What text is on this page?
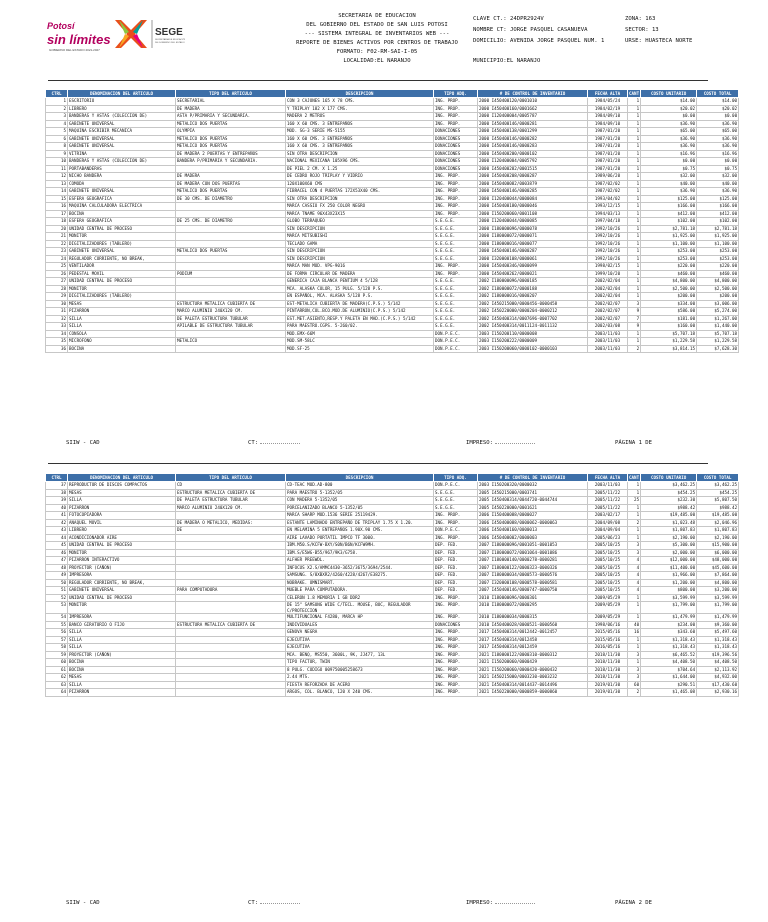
Potosí
sin límites
GOBIERNO DEL ESTADO 2021-2027
SEGE
SECRETARÍA DE EDUCACIÓN
DE GOBIERNO DEL ESTADO
SECRETARIA DE EDUCACION
DEL GOBIERNO DEL ESTADO DE SAN LUIS POTOSI
--- SISTEMA INTEGRAL DE INVENTARIOS WEB ---
REPORTE DE BIENES ACTIVOS POR CENTROS DE TRABAJO
FORMATO: F02-RM-SAI-I-05
LOCALIDAD:EL NARANJO
CLAVE CT.: 24DPR2924V	ZONA: 163
NOMBRE CT: JORGE PASQUEL CASANUEVA	SECTOR: 13
DOMICILIO: AVENIDA JORGE PASQUEL NUM. 1	URSE: HUASTECA NORTE
MUNICIPIO:EL NARANJO
CTRL	DENOMINACION DEL ARTICULO	TIPO DEL ARTICULO	DESCRIPCION	TIPO ADQ.	# DE CONTROL DE INVENTARIO	FECHA ALTA	CANT	COSTO UNITARIO	COSTO TOTAL
1	ESCRITORIO	SECRETARIAL	CON 3 CAJONES 165 X 78 CMS.	ING. PROP.	2000 I450400120/0001010	1984/05/24	1	$14.00	$14.00
2	LIBRERO	DE MADERA	Y TRIPLAY 182 X 177 CMS.	ING. PROP.	2000 I450400160/0001662	1984/02/19	1	$20.02	$20.02
3	BANDERAS Y ASTAS (COLECCION DE)	ASTA P/PRIMARIA Y SECUNDARIA.	MADERA 2 METROS	ING. PROP.	2000 I120400004/0005787	1984/09/10	1	$0.00	$0.00
4	GABINETE UNIVERSAL	METALICO DOS PUERTAS	160 X 60 CMS. 3 ENTREPAÑOS	ING. PROP.	2000 I450400146/0000281	1984/09/10	1	$36.90	$36.90
5	MAQUINA ESCRIBIR MECANICA	OLYMPIA	MOD. SG-3 SERIE MS-5155	DONACIONES	2000 I450400138/0001299	1987/01/20	1	$65.00	$65.00
6	GABINETE UNIVERSAL	METALICO DOS PUERTAS	160 X 60 CMS. 3 ENTREPAÑOS	DONACIONES	2000 I450400146/0000282	1987/01/20	1	$36.90	$36.90
8	GABINETE UNIVERSAL	METALICO DOS PUERTAS	160 X 60 CMS. 3 ENTREPAÑOS	DONACIONES	2000 I450400146/0000283	1987/01/20	1	$36.90	$36.90
9	VITRINA	DE MADERA 2 PUERTAS Y ENTREPAÑOS	SIN OTRA DESCRIPCION	DONACIONES	2000 I450400200/0000102	1987/01/20	1	$16.96	$16.96
10	BANDERAS Y ASTAS (COLECCION DE)	BANDERA P/PRIMARIA Y SECUNDARIA.	NACIONAL MEXICANA 105X96 CMS.	DONACIONES	2000 I120400004/0005792	1987/01/20	1	$0.00	$0.00
11	PORTABANDERAS		DE PIEL 2 CM. X 1.25	DONACIONES	2000 I450400282/0001515	1987/01/20	1	$0.75	$0.75
12	NICHO BANDERA	DE MADERA	DE CEDRO ROJO TRIPLAY Y VIDRIO	ING. PROP.	2000 I450400208/0000287	1989/06/20	1	$32.00	$32.00
13	COMODA	DE MADERA CON DOS PUERTAS	120X100X60 CMS	ING. PROP.	2000 I450400082/0003879	1987/02/02	1	$40.00	$40.00
14	GABINETE UNIVERSAL	METALICO DOS PUERTAS	FIBRACEL CON 4 PUERTAS 172X53X40 CMS.	ING. PROP.	2000 I450400146/0000285	1987/02/02	1	$36.90	$36.90
15	ESFERA GEOGRAFICA	DE 30 CMS. DE DIAMETRO	SIN OTRA DESCRIPCION	ING. PROP.	2000 I120400044/0000084	1993/04/02	1	$125.00	$125.00
16	MAQUINA CALCULADORA ELECTRICA		MARCA CASSIO FX 250 COLOR NEGRO	ING. PROP.	2000 I450400180/0000046	1993/12/15	1	$166.00	$166.00
17	BOCINA		MARCA TNAME 96X43X23X15	ING. PROP.	2000 I150200060/0001108	1994/03/13	1	$412.00	$412.00
18	ESFERA GEOGRAFICA	DE 25 CMS. DE DIAMETRO	GLOBO TERRAQUEO	S.E.G.E.	2000 I120400044/0000085	1997/04/18	1	$102.00	$102.00
20	UNIDAD CENTRAL DE PROCESO		SIN DESCRIPCION	S.E.G.E.	2000 I180000096/0000078	1992/10/26	1	$2,781.18	$2,781.18
21	MONITOR		MARCA MITSUBISHI	S.E.G.E.	2000 I180000072/0000071	1992/10/26	1	$1,925.00	$1,925.00
22	DIGITALIZADORES (TABLERO)		TECLADO GAMA	S.E.G.E.	2000 I180000016/0000077	1992/10/26	1	$1,100.00	$1,100.00
23	GABINETE UNIVERSAL	METALICO DOS PUERTAS	SIN DESCRIPCION	S.E.G.E.	2000 I450400146/0000287	1992/10/26	1	$253.00	$253.00
24	REGULADOR CORRIENTE, NO BREAK,		SIN DESCRIPCION	S.E.G.E.	2000 I320000108/0000061	1992/10/26	1	$253.00	$253.00
25	VENTILADOR		MARCA MAN MOD. VPG-9016	ING. PROP.	2000 I450400346/0000099	1998/02/15	1	$220.00	$220.00
26	PEDESTAL MOVIL	PODIUM	DE FORMA CIRCULAR DE MADERA	ING. PROP.	2000 I450400262/0000021	1999/10/20	1	$460.00	$460.00
27	UNIDAD CENTRAL DE PROCESO		GENERICA CAJA BLANCA PENTIUM 4 5/128	S.E.G.E.	2002 I180000096/0000185	2002/02/04	1	$4,800.00	$4,800.00
28	MONITOR		MCA. ALASKA COLOR, 15 PULG. 5/128 P.S.	S.E.G.E.	2002 I180000072/0000188	2002/02/04	1	$2,500.00	$2,500.00
29	DIGITALIZADORES (TABLERO)		EN ESPAÑOL, MCA. ALASKA 5/128 P.S.	S.E.G.E.	2002 I180000016/0000207	2002/02/04	1	$200.00	$200.00
30	MESAS	ESTRUCTURA METALICA CUBIERTA DE	EST-METALICA CUBIERTA DE MADERA(C.P.S.) 5/142	S.E.G.E.	2002 I450215000/0000456-0000458	2002/02/07	3	$334.00	$3,006.00
31	PIZARRON	MARCO ALUMINIO 240X120 CM.	PINTARRON,COL.BCO.MOD.DE ALUMINIO(C.P.S.) 5/142	S.E.G.E.	2002 I450220000/0000204-0000212	2002/02/07	9	$586.00	$5,274.00
32	SILLA	DE PALETA ESTRUCTURA TUBULAR	EST.MET.ASIENTO,RESP.Y PALETA EN MAD.(C.P.S.) 5/142	S.E.G.E.	2002 I450400314/0007696-0007702	2002/02/07	7	$181.00	$1,267.00
33	SILLA	APILABLE DE ESTRUCTURA TUBULAR	PARA MAESTRO.CGPS. 5-260/02.	S.E.G.E.	2002 I450400314/0011124-0011132	2002/03/08	9	$160.00	$1,440.00
34	CONSOLA		MOD.EMX-66M	DON.P.E.C.	2003 I150200110/0000008	2003/11/03	1	$5,707.18	$5,707.18
35	MICROFONO	METALICO	MOD.SM-58LC	DON.P.E.C.	2003 I150200222/0000009	2003/11/03	1	$1,229.58	$1,229.58
36	BOCINA		MOD.SF-25	DON.P.E.C.	2003 I150200060/0000102-0000103	2003/11/03	2	$3,814.15	$7,628.30
SIIW - CAD	CT:	IMPRESO:	PÁGINA 1 DE
CTRL	DENOMINACION DEL ARTICULO	TIPO DEL ARTICULO	DESCRIPCION	TIPO ADQ.	# DE CONTROL DE INVENTARIO	FECHA ALTA	CANT	COSTO UNITARIO	COSTO TOTAL
37	REPRODUCTOR DE DISCOS COMPACTOS	CD	CD-TEAC MOD.AD-800	DON.P.E.C.	2003 I150200320/0000032	2003/11/03	1	$3,462.25	$3,462.25
38	MESAS	ESTRUCTURA METALICA CUBIERTA DE	PARA MAESTRO 5-1352/05	S.E.G.E.	2005 I450215000/0003741	2005/11/22	1	$454.25	$454.25
39	SILLA	DE PALETA ESTRUCTURA TUBULAR	CON MADERA 5-1352/05	S.E.G.E.	2005 I450400314/0044720-0044744	2005/11/22	25	$232.30	$5,807.50
40	PIZARRON	MARCO ALUMINIO 240X120 CM.	PORCELANIZADO BLANCO 5-1352/05	S.E.G.E.	2005 I450220000/0001621	2005/11/22	1	$988.42	$988.42
41	FOTOCOPIADORA		MARCA SHARP MOD.1536 SERIE 25119429.	ING. PROP.	2006 I150400088/0000027	2003/02/17	1	$19,485.00	$19,485.00
42	ANAQUEL MOVIL	DE MADERA O METALICO, MEDIDAS:	ESTANTE LAMINADO ENTREPAÑO DE TRIPLAY 1.75 X 1.20.	ING. PROP.	2006 I450400088/0000062-0000063	2004/09/08	2	$1,023.48	$2,046.96
43	LIBRERO	DE	EN MELAMINA 5 ENTREPAÑOS 1.90X.90 CMS.	DON.P.E.C.	2006 I450400160/0000013	2004/09/04	1	$1,807.83	$1,807.83
44	ACONDICIONADOR AIRE		AIRE LAVADO PORTATIL IMPCO TF 3000.	ING. PROP.	2006 I450400002/0000003	2005/06/23	1	$2,190.00	$2,190.00
45	UNIDAD CENTRAL DE PROCESO		IBM.M50.S/KCFW-BXY/S0N/B6N/KCFW9MH.	DEP. FED.	2007 I180000096/0001051-0001053	2005/10/25	3	$5,300.00	$15,900.00
46	MONITOR		IBM.S/E5WG-B55/967/9K3/G758.	DEP. FED.	2007 I180000072/0001064-0001086	2005/10/25	3	$2,000.00	$6,000.00
47	PIZARRON INTERACTIVO		ALFHER PREEWDL.	DEP. FED.	2007 I180000140/0000278-0000281	2005/10/25	4	$12,000.00	$48,000.00
48	PROYECTOR (CAÑON)		INFOCUS X2.S/AMMC4430-3652/3675/3694/2544.	DEP. FED.	2007 I180000122/0000323-0000326	2005/10/25	4	$11,400.00	$45,600.00
49	IMPRESORA		SAMSUNG. S/8XBXR2/4260/4228/4267/E38275.	DEP. FED.	2007 I180000034/0000573-0000576	2005/10/25	4	$1,966.00	$7,864.00
50	REGULADOR CORRIENTE, NO BREAK,		NOBRAKE. OMNISMART.	DEP. FED.	2007 I320000108/0000578-0000581	2005/10/25	4	$1,200.00	$4,800.00
51	GABINETE UNIVERSAL	PARA COMPUTADORA	MUEBLE PARA COMPUTADORA.	DEP. FED.	2007 I450400146/0000747-0000750	2005/10/25	4	$800.00	$3,200.00
52	UNIDAD CENTRAL DE PROCESO		CELERON 1.8 MEMORIA 1 GB DDR2	ING. PROP.	2010 I180000096/0000301	2009/05/29	1	$3,599.99	$3,599.99
53	MONITOR		DE 15" SAMSUNG WIDE C/TECL. MOUSE, BOC, REGULADOR C/PROTECCION	ING. PROP.	2010 I180000072/0000295	2009/05/29	1	$1,799.00	$1,799.00
54	IMPRESORA		MULTIFUNCIONAL F4280, MARCA HP	ING. PROP.	2010 I180000034/0000315	2009/05/29	1	$1,479.99	$1,479.99
55	BANCO GIRATORIO O FIJO	ESTRUCTURA METALICA CUBIERTA DE	INDIVIDUALES	DONACIONES	2010 I450400028/0000521-0000560	1998/06/16	40	$234.00	$9,360.00
56	SILLA		GENOVA NEGRA	ING. PROP.	2017 I450400314/0012442-0012457	2015/05/16	16	$343.60	$5,497.60
57	SILLA		EJECUTIVA	ING. PROP.	2017 I450400314/0012458	2015/05/16	1	$1,318.43	$1,318.43
58	SILLA		EJECUTIVA	ING. PROP.	2017 I450400314/0012459	2016/05/16	1	$1,318.43	$1,318.43
59	PROYECTOR (CAÑON)		MCA. BENQ, MS550, 3600L, 9K, JJ477, 13L	ING. PROP.	2021 I180000122/0000310-0000312	2018/11/30	3	$6,465.52	$19,396.56
60	BOCINA		TIPO FACTOR, TWIN	ING. PROP.	2021 I150200060/0000429	2018/11/30	1	$4,408.50	$4,408.50
61	BOCINA		8 PULG. CODIGO 009750005258673	ING. PROP.	2021 I150200060/0000420-0000432	2018/11/30	3	$704.64	$2,113.92
62	MESAS		2.44 MTS.	ING. PROP.	2021 I450215000/0003230-0003232	2018/11/30	3	$1,644.00	$4,932.00
63	SILLA		FIESTA REFORZADA DE ACERO	ING. PROP.	2021 I450400314/0014437-0014496	2019/01/30	60	$290.51	$17,430.60
64	PIZARRON		ARGOS, COL. BLANCO, 120 X 240 CMS.	ING. PROP.	2021 I450220000/0000859-0000860	2019/01/30	2	$1,465.08	$2,930.16
SIIW - CAD	CT:	IMPRESO:	PÁGINA 2 DE
